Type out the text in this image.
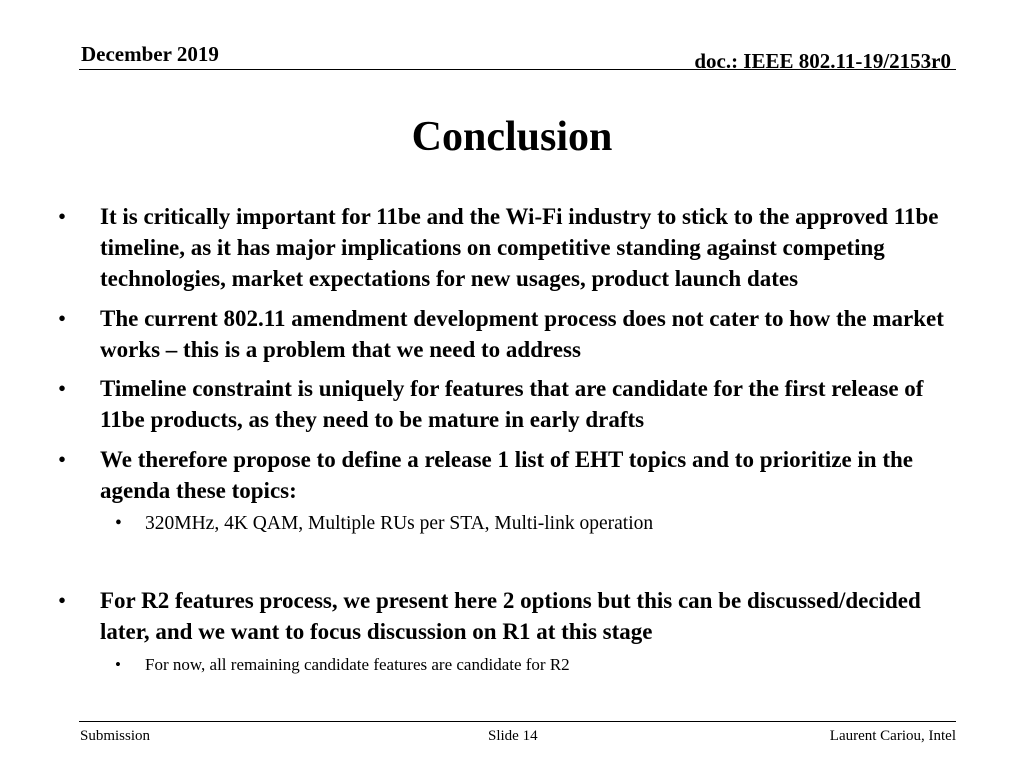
December 2019	doc.: IEEE 802.11-19/2153r0
Conclusion
•	It is critically important for 11be and the Wi-Fi industry to stick to the approved 11be timeline, as it has major implications on competitive standing against competing technologies, market expectations for new usages, product launch dates
•	The current 802.11 amendment development process does not cater to how the market works – this is a problem that we need to address
•	Timeline constraint is uniquely for features that are candidate for the first release of 11be products, as they need to be mature in early drafts
•	We therefore propose to define a release 1 list of EHT topics and to prioritize in the agenda these topics:
• 320MHz, 4K QAM, Multiple RUs per STA, Multi-link operation
•	For R2 features process, we present here 2 options but this can be discussed/decided later, and we want to focus discussion on R1 at this stage
• For now, all remaining candidate features are candidate for R2
Submission	Slide 14	Laurent Cariou, Intel
